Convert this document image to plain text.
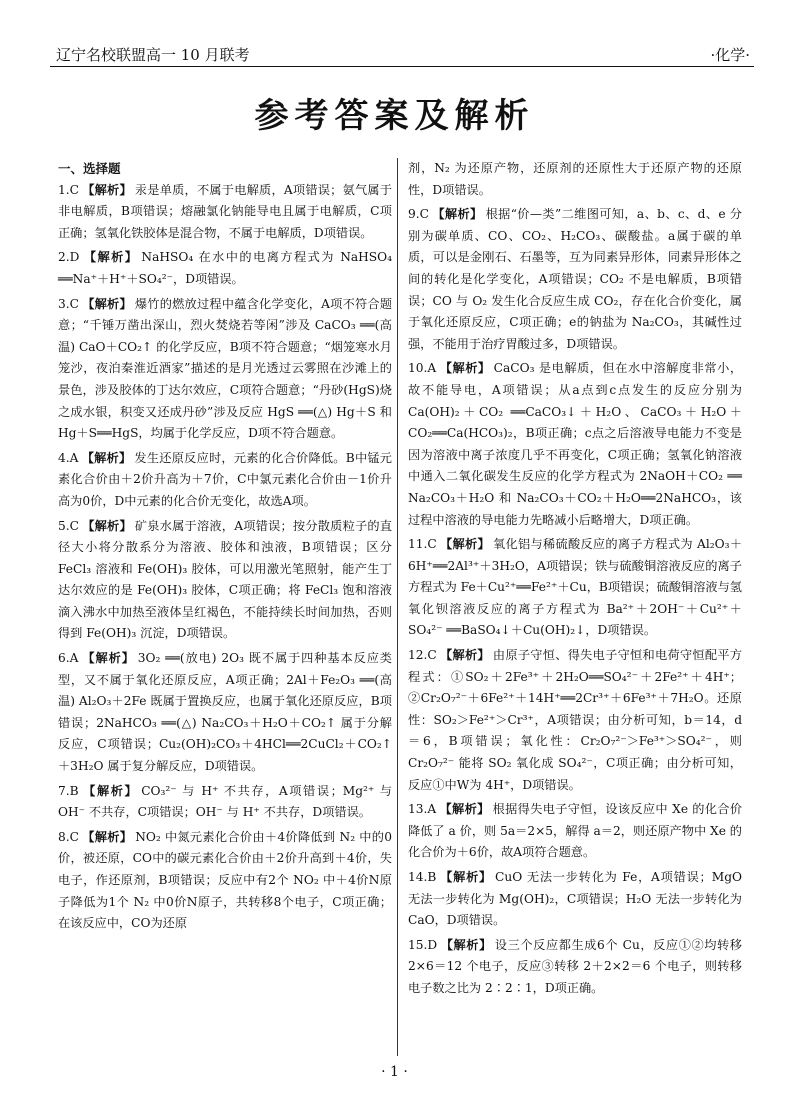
辽宁名校联盟高一 10 月联考	·化学·
参考答案及解析
一、选择题
1.C 【解析】 汞是单质，不属于电解质，A项错误；氨气属于非电解质，B项错误；熔融氯化钠能导电且属于电解质，C项正确；氢氧化铁胶体是混合物，不属于电解质，D项错误。
2.D 【解析】 NaHSO₄ 在水中的电离方程式为 NaHSO₄ ══Na⁺＋H⁺＋SO₄²⁻，D项错误。
3.C 【解析】 爆竹的燃放过程中蕴含化学变化，A项不符合题意；“千锤万凿出深山，烈火焚烧若等闲”涉及 CaCO₃ ══(高温) CaO＋CO₂↑ 的化学反应，B项不符合题意；“烟笼寒水月笼沙，夜泊秦淮近酒家”描述的是月光透过云雾照在沙滩上的景色，涉及胶体的丁达尔效应，C项符合题意；“丹砂(HgS)烧之成水银，积变又还成丹砂”涉及反应 HgS ══(△) Hg＋S 和 Hg＋S══HgS，均属于化学反应，D项不符合题意。
4.A 【解析】 发生还原反应时，元素的化合价降低。B中锰元素化合价由＋2价升高为＋7价，C中氯元素化合价由－1价升高为0价，D中元素的化合价无变化，故选A项。
5.C 【解析】 矿泉水属于溶液，A项错误；按分散质粒子的直径大小将分散系分为溶液、胶体和浊液，B项错误；区分 FeCl₃ 溶液和 Fe(OH)₃ 胶体，可以用激光笔照射，能产生丁达尔效应的是 Fe(OH)₃ 胶体，C项正确；将 FeCl₃ 饱和溶液滴入沸水中加热至液体呈红褐色，不能持续长时间加热，否则得到 Fe(OH)₃ 沉淀，D项错误。
6.A 【解析】 3O₂ ══(放电) 2O₃ 既不属于四种基本反应类型，又不属于氧化还原反应，A项正确；2Al＋Fe₂O₃ ══(高温) Al₂O₃＋2Fe 既属于置换反应，也属于氧化还原反应，B项错误；2NaHCO₃ ══(△) Na₂CO₃＋H₂O＋CO₂↑ 属于分解反应，C项错误；Cu₂(OH)₂CO₃＋4HCl══2CuCl₂＋CO₂↑＋3H₂O 属于复分解反应，D项错误。
7.B 【解析】 CO₃²⁻ 与 H⁺ 不共存，A项错误；Mg²⁺ 与 OH⁻ 不共存，C项错误；OH⁻ 与 H⁺ 不共存，D项错误。
8.C 【解析】 NO₂ 中氮元素化合价由＋4价降低到 N₂ 中的0价，被还原，CO中的碳元素化合价由＋2价升高到＋4价，失电子，作还原剂，B项错误；反应中有2个 NO₂ 中＋4价N原子降低为1个 N₂ 中0价N原子，共转移8个电子，C项正确；在该反应中，CO为还原
剂，N₂ 为还原产物，还原剂的还原性大于还原产物的还原性，D项错误。
9.C 【解析】 根据“价—类”二维图可知，a、b、c、d、e 分别为碳单质、CO、CO₂、H₂CO₃、碳酸盐。a属于碳的单质，可以是金刚石、石墨等，互为同素异形体，同素异形体之间的转化是化学变化，A项错误；CO₂ 不是电解质，B项错误；CO 与 O₂ 发生化合反应生成 CO₂，存在化合价变化，属于氧化还原反应，C项正确；e的钠盐为 Na₂CO₃，其碱性过强，不能用于治疗胃酸过多，D项错误。
10.A 【解析】 CaCO₃ 是电解质，但在水中溶解度非常小，故不能导电，A项错误；从a点到c点发生的反应分别为 Ca(OH)₂＋CO₂ ══CaCO₃↓＋H₂O、CaCO₃＋H₂O＋CO₂══Ca(HCO₃)₂，B项正确；c点之后溶液导电能力不变是因为溶液中离子浓度几乎不再变化，C项正确；氢氧化钠溶液中通入二氧化碳发生反应的化学方程式为 2NaOH＋CO₂ ══ Na₂CO₃＋H₂O 和 Na₂CO₃＋CO₂＋H₂O══2NaHCO₃，该过程中溶液的导电能力先略减小后略增大，D项正确。
11.C 【解析】 氧化铝与稀硫酸反应的离子方程式为 Al₂O₃＋6H⁺══2Al³⁺＋3H₂O，A项错误；铁与硫酸铜溶液反应的离子方程式为 Fe＋Cu²⁺══Fe²⁺＋Cu，B项错误；硫酸铜溶液与氢氧化钡溶液反应的离子方程式为 Ba²⁺＋2OH⁻＋Cu²⁺＋SO₄²⁻ ══BaSO₄↓＋Cu(OH)₂↓，D项错误。
12.C 【解析】 由原子守恒、得失电子守恒和电荷守恒配平方程式：①SO₂＋2Fe³⁺＋2H₂O══SO₄²⁻＋2Fe²⁺＋4H⁺；②Cr₂O₇²⁻＋6Fe²⁺＋14H⁺══2Cr³⁺＋6Fe³⁺＋7H₂O。还原性：SO₂＞Fe²⁺＞Cr³⁺，A项错误；由分析可知，b＝14，d＝6，B项错误；氧化性：Cr₂O₇²⁻＞Fe³⁺＞SO₄²⁻，则 Cr₂O₇²⁻ 能将 SO₂ 氧化成 SO₄²⁻，C项正确；由分析可知，反应①中W为 4H⁺，D项错误。
13.A 【解析】 根据得失电子守恒，设该反应中 Xe 的化合价降低了 a 价，则 5a＝2×5，解得 a＝2，则还原产物中 Xe 的化合价为＋6价，故A项符合题意。
14.B 【解析】 CuO 无法一步转化为 Fe，A项错误；MgO 无法一步转化为 Mg(OH)₂，C项错误；H₂O 无法一步转化为 CaO，D项错误。
15.D 【解析】 设三个反应都生成6个 Cu，反应①②均转移 2×6＝12 个电子，反应③转移 2＋2×2＝6 个电子，则转移电子数之比为 2∶2∶1，D项正确。
· 1 ·
